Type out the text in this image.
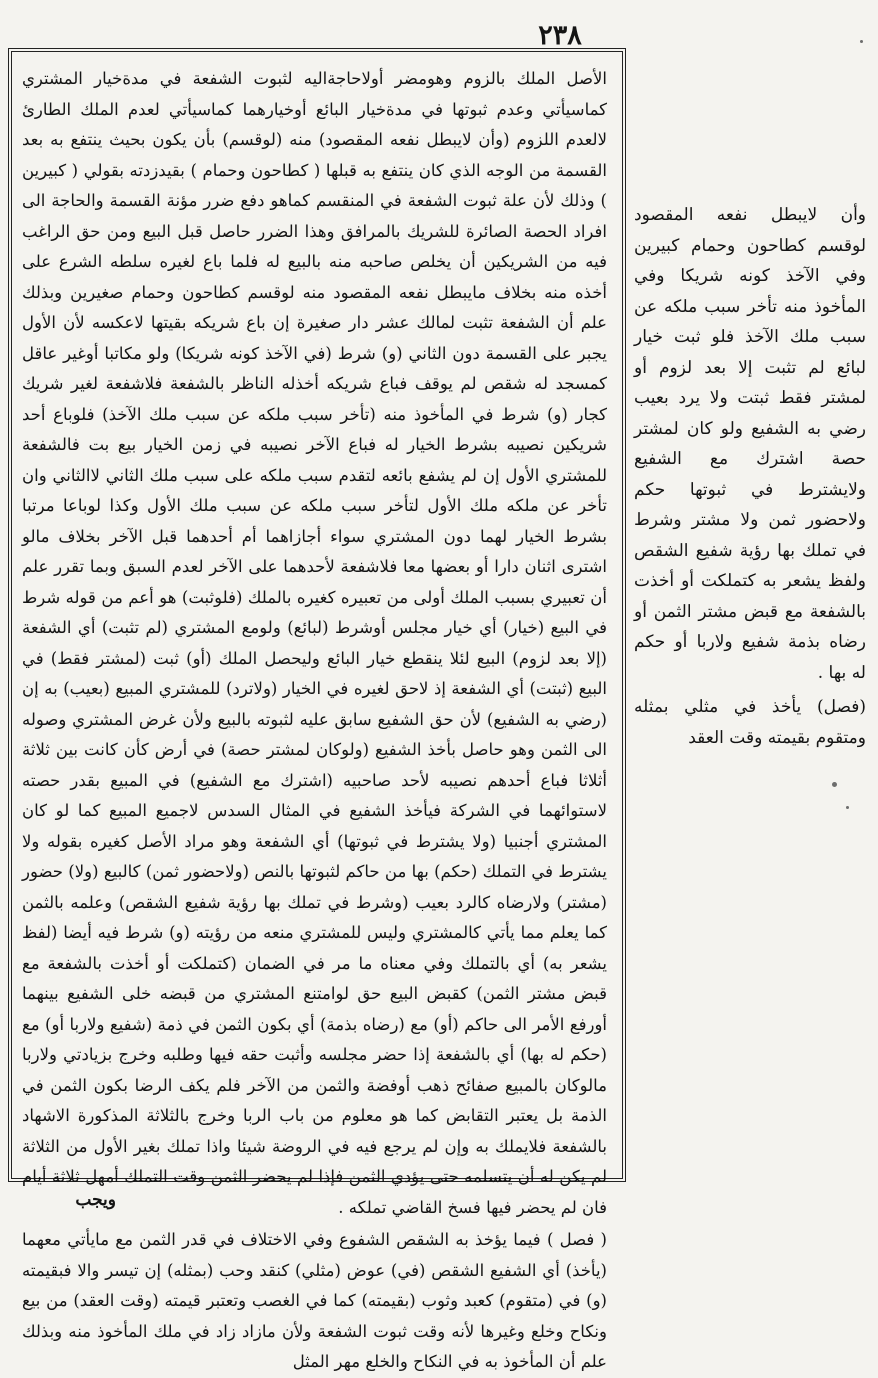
٢٣٨

الأصل الملك بالزوم وهومضر أولاحاجةاليه لثبوت الشفعة في مدةخيار المشتري كماسيأتي وعدم ثبوتها في مدةخيار البائع أوخيارهما كماسيأتي لعدم الملك الطارئ لالعدم اللزوم (وأن لايبطل نفعه المقصود) منه (لوقسم) بأن يكون بحيث ينتفع به بعد القسمة من الوجه الذي كان ينتفع به قبلها ( كطاحون وحمام ) بقيدزدته بقولي ( كبيرين ) وذلك لأن علة ثبوت الشفعة في المنقسم كماهو دفع ضرر مؤنة القسمة والحاجة الى افراد الحصة الصائرة للشريك بالمرافق وهذا الضرر حاصل قبل البيع ومن حق الراغب فيه من الشريكين أن يخلص صاحبه منه بالبيع له فلما باع لغيره سلطه الشرع على أخذه منه بخلاف مايبطل نفعه المقصود منه لوقسم كطاحون وحمام صغيرين وبذلك علم أن الشفعة تثبت لمالك عشر دار صغيرة إن باع شريكه بقيتها لاعكسه لأن الأول يجبر على القسمة دون الثاني (و) شرط (في الآخذ كونه شريكا) ولو مكاتبا أوغير عاقل كمسجد له شقص لم يوقف فباع شريكه أخذله الناظر بالشفعة فلاشفعة لغير شريك كجار (و) شرط في المأخوذ منه (تأخر سبب ملكه عن سبب ملك الآخذ) فلوباع أحد شريكين نصيبه بشرط الخيار له فباع الآخر نصيبه في زمن الخيار بيع بت فالشفعة للمشتري الأول إن لم يشفع بائعه لتقدم سبب ملكه على سبب ملك الثاني لاالثاني وان تأخر عن ملكه ملك الأول لتأخر سبب ملكه عن سبب ملك الأول وكذا لوباعا مرتبا بشرط الخيار لهما دون المشتري سواء أجازاهما أم أحدهما قبل الآخر بخلاف مالو اشترى اثنان دارا أو بعضها معا فلاشفعة لأحدهما على الآخر لعدم السبق وبما تقرر علم أن تعبيري بسبب الملك أولى من تعبيره كغيره بالملك (فلوثبت) هو أعم من قوله شرط في البيع (خيار) أي خيار مجلس أوشرط (لبائع) ولومع المشتري (لم تثبت) أي الشفعة (إلا بعد لزوم) البيع لئلا ينقطع خيار البائع وليحصل الملك (أو) ثبت (لمشتر فقط) في البيع (ثبتت) أي الشفعة إذ لاحق لغيره في الخيار (ولاترد) للمشتري المبيع (بعيب) به إن (رضي به الشفيع) لأن حق الشفيع سابق عليه لثبوته بالبيع ولأن غرض المشتري وصوله الى الثمن وهو حاصل بأخذ الشفيع (ولوكان لمشتر حصة) في أرض كأن كانت بين ثلاثة أثلاثا فباع أحدهم نصيبه لأحد صاحبيه (اشترك مع الشفيع) في المبيع بقدر حصته لاستوائهما في الشركة فيأخذ الشفيع في المثال السدس لاجميع المبيع كما لو كان المشتري أجنبيا (ولا يشترط في ثبوتها) أي الشفعة وهو مراد الأصل كغيره بقوله ولا يشترط في التملك (حكم) بها من حاكم لثبوتها بالنص (ولاحضور ثمن) كالبيع (ولا) حضور (مشتر) ولارضاه كالرد بعيب (وشرط في تملك بها رؤية شفيع الشقص) وعلمه بالثمن كما يعلم مما يأتي كالمشتري وليس للمشتري منعه من رؤيته (و) شرط فيه أيضا (لفظ يشعر به) أي بالتملك وفي معناه ما مر في الضمان (كتملكت أو أخذت بالشفعة مع قبض مشتر الثمن) كقبض البيع حق لوامتنع المشتري من قبضه خلى الشفيع بينهما أورفع الأمر الى حاكم (أو) مع (رضاه بذمة) أي بكون الثمن في ذمة (شفيع ولاربا أو) مع (حكم له بها) أي بالشفعة إذا حضر مجلسه وأثبت حقه فيها وطلبه وخرج بزيادتي ولاربا مالوكان بالمبيع صفائح ذهب أوفضة والثمن من الآخر فلم يكف الرضا بكون الثمن في الذمة بل يعتبر التقابض كما هو معلوم من باب الربا وخرج بالثلاثة المذكورة الاشهاد بالشفعة فلايملك به وإن لم يرجع فيه في الروضة شيئا واذا تملك بغير الأول من الثلاثة لم يكن له أن يتسلمه حتى يؤدي الثمن فإذا لم يحضر الثمن وقت التملك أمهل ثلاثة أيام فان لم يحضر فيها فسخ القاضي تملكه .

( فصل ) فيما يؤخذ به الشقص الشفوع وفي الاختلاف في قدر الثمن مع مايأتي معهما (يأخذ) أي الشفيع الشقص (في) عوض (مثلي) كنقد وحب (بمثله) إن تيسر والا فبقيمته (و) في (متقوم) كعبد وثوب (بقيمته) كما في الغصب وتعتبر قيمته (وقت العقد) من بيع ونكاح وخلع وغيرها لأنه وقت ثبوت الشفعة ولأن مازاد زاد في ملك المأخوذ منه وبذلك علم أن المأخوذ به في النكاح والخلع مهر المثل

وأن لايبطل نفعه المقصود لوقسم كطاحون وحمام كبيرين وفي الآخذ كونه شريكا وفي المأخوذ منه تأخر سبب ملكه عن سبب ملك الآخذ فلو ثبت خيار لبائع لم تثبت إلا بعد لزوم أو لمشتر فقط ثبتت ولا يرد بعيب رضي به الشفيع ولو كان لمشتر حصة اشترك مع الشفيع ولايشترط في ثبوتها حكم ولاحضور ثمن ولا مشتر وشرط في تملك بها رؤية شفيع الشقص ولفظ يشعر به كتملكت أو أخذت بالشفعة مع قبض مشتر الثمن أو رضاه بذمة شفيع ولاربا أو حكم له بها .

(فصل) يأخذ في مثلي بمثله ومتقوم بقيمته وقت العقد

ويجب
